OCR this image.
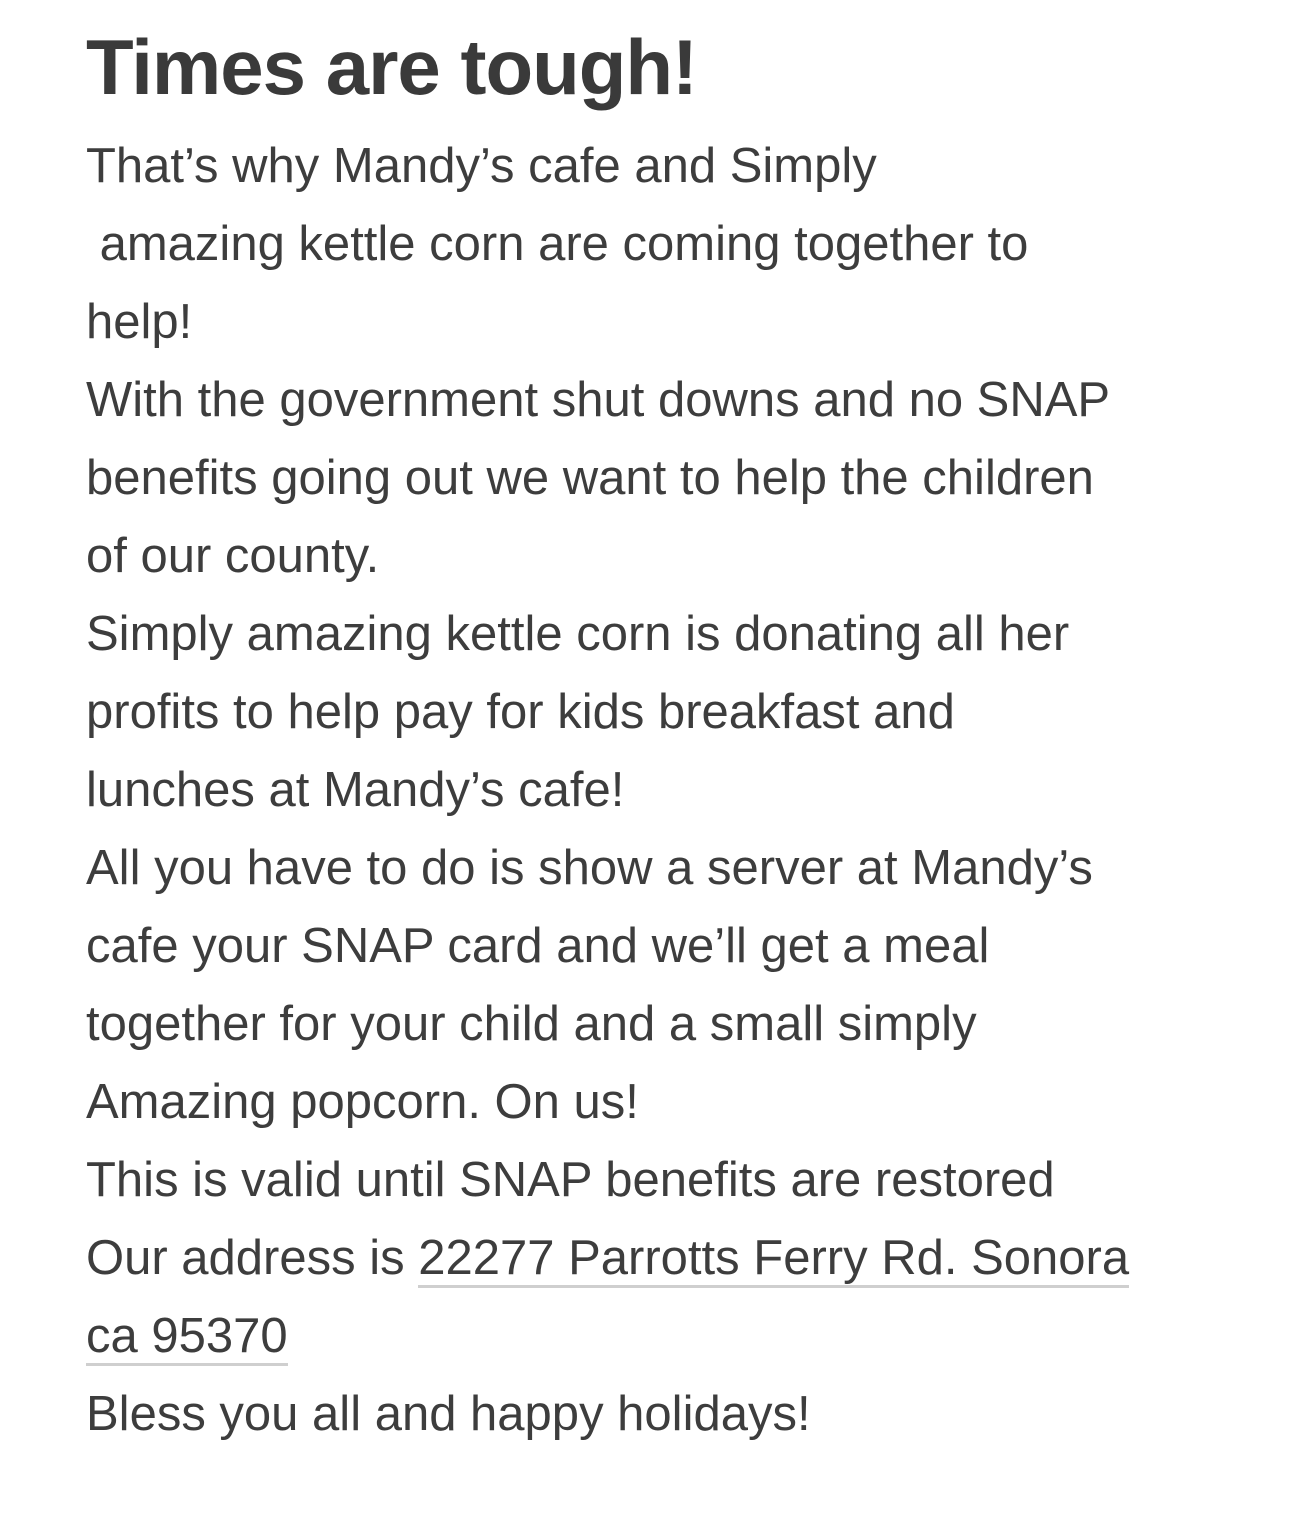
Times are tough!
That’s why Mandy’s cafe and Simply
amazing kettle corn are coming together to
help!
With the government shut downs and no SNAP
benefits going out we want to help the children
of our county.
Simply amazing kettle corn is donating all her
profits to help pay for kids breakfast and
lunches at Mandy’s cafe!
All you have to do is show a server at Mandy’s
cafe your SNAP card and we’ll get a meal
together for your child and a small simply
Amazing popcorn. On us!
This is valid until SNAP benefits are restored
Our address is 22277 Parrotts Ferry Rd. Sonora
ca 95370
Bless you all and happy holidays!
